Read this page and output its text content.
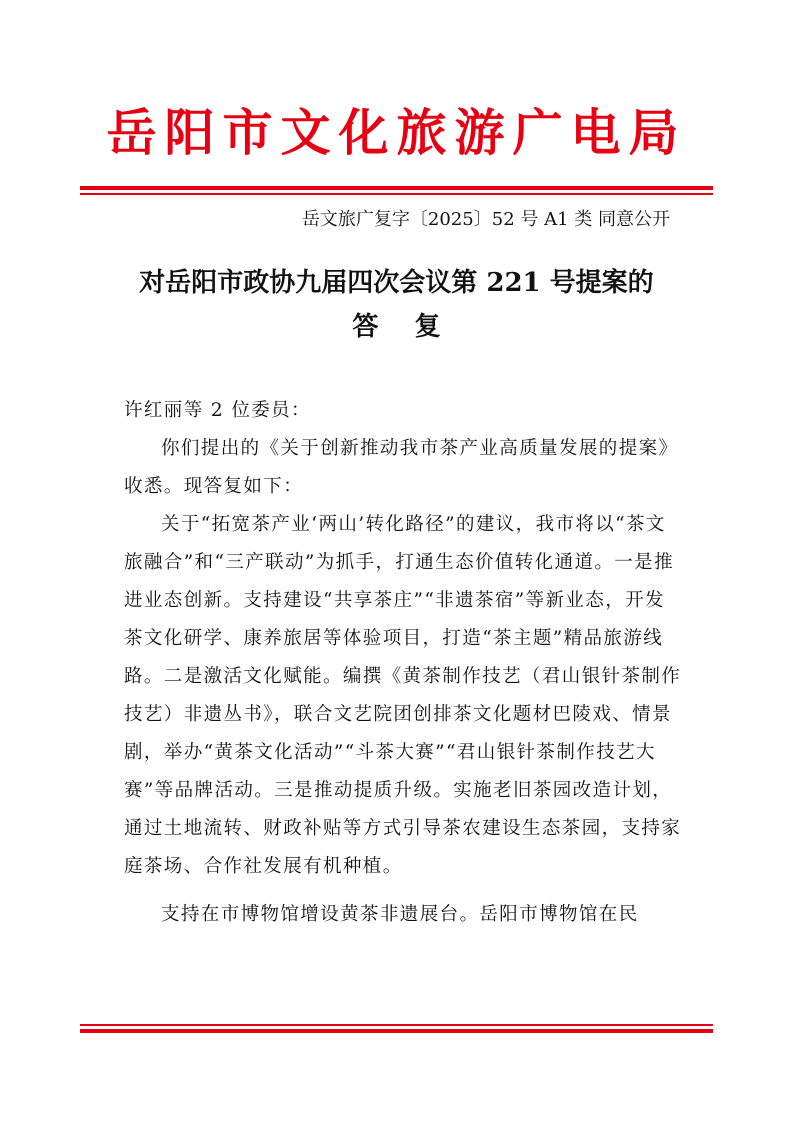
岳阳市文化旅游广电局
岳文旅广复字〔2025〕52 号 A1 类 同意公开
对岳阳市政协九届四次会议第 221 号提案的
答    复

许红丽等 2 位委员：

你们提出的《关于创新推动我市茶产业高质量发展的提案》收悉。现答复如下：

关于“拓宽茶产业‘两山’转化路径”的建议，我市将以“茶文旅融合”和“三产联动”为抓手，打通生态价值转化通道。一是推进业态创新。支持建设“共享茶庄”“非遗茶宿”等新业态，开发茶文化研学、康养旅居等体验项目，打造“茶主题”精品旅游线路。二是激活文化赋能。编撰《黄茶制作技艺（君山银针茶制作技艺）非遗丛书》，联合文艺院团创排茶文化题材巴陵戏、情景剧，举办“黄茶文化活动”“斗茶大赛”“君山银针茶制作技艺大赛”等品牌活动。三是推动提质升级。实施老旧茶园改造计划，通过土地流转、财政补贴等方式引导茶农建设生态茶园，支持家庭茶场、合作社发展有机种植。

支持在市博物馆增设黄茶非遗展台。岳阳市博物馆在民
